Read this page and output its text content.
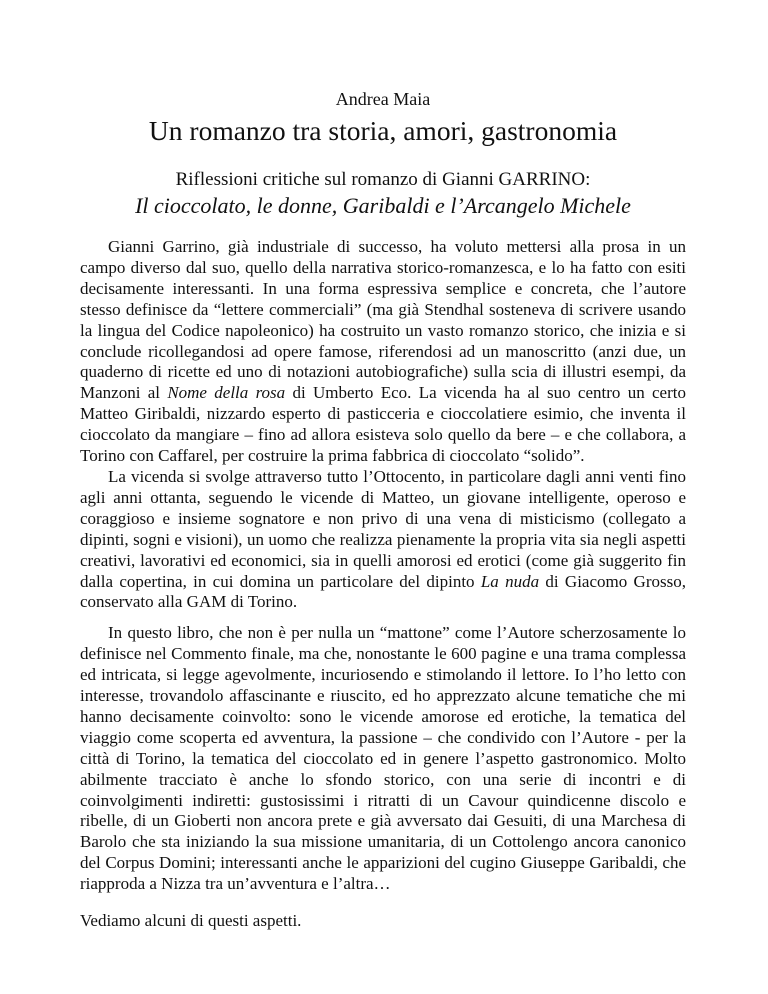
Andrea Maia
Un romanzo tra storia, amori, gastronomia
Riflessioni critiche sul romanzo di Gianni GARRINO:
Il cioccolato, le donne, Garibaldi e l’Arcangelo Michele

Gianni Garrino, già industriale di successo, ha voluto mettersi alla prosa in un campo diverso dal suo, quello della narrativa storico-romanzesca, e lo ha fatto con esiti decisamente interessanti. In una forma espressiva semplice e concreta, che l’autore stesso definisce da “lettere commerciali” (ma già Stendhal sosteneva di scrivere usando la lingua del Codice napoleonico) ha costruito un vasto romanzo storico, che inizia e si conclude ricollegandosi ad opere famose, riferendosi ad un manoscritto (anzi due, un quaderno di ricette ed uno di notazioni autobiografiche) sulla scia di illustri esempi, da Manzoni al Nome della rosa di Umberto Eco. La vicenda ha al suo centro un certo Matteo Giribaldi, nizzardo esperto di pasticceria e cioccolatiere esimio, che inventa il cioccolato da mangiare – fino ad allora esisteva solo quello da bere – e che collabora, a Torino con Caffarel, per costruire la prima fabbrica di cioccolato “solido”.

La vicenda si svolge attraverso tutto l’Ottocento, in particolare dagli anni venti fino agli anni ottanta, seguendo le vicende di Matteo, un giovane intelligente, operoso e coraggioso e insieme sognatore e non privo di una vena di misticismo (collegato a dipinti, sogni e visioni), un uomo che realizza pienamente la propria vita sia negli aspetti creativi, lavorativi ed economici, sia in quelli amorosi ed erotici (come già suggerito fin dalla copertina, in cui domina un particolare del dipinto La nuda di Giacomo Grosso, conservato alla GAM di Torino.

In questo libro, che non è per nulla un “mattone” come l’Autore scherzosamente lo definisce nel Commento finale, ma che, nonostante le 600 pagine e una trama complessa ed intricata, si legge agevolmente, incuriosendo e stimolando il lettore. Io l’ho letto con interesse, trovandolo affascinante e riuscito, ed ho apprezzato alcune tematiche che mi hanno decisamente coinvolto: sono le vicende amorose ed erotiche, la tematica del viaggio come scoperta ed avventura, la passione – che condivido con l’Autore - per la città di Torino, la tematica del cioccolato ed in genere l’aspetto gastronomico. Molto abilmente tracciato è anche lo sfondo storico, con una serie di incontri e di coinvolgimenti indiretti: gustosissimi i ritratti di un Cavour quindicenne discolo e ribelle, di un Gioberti non ancora prete e già avversato dai Gesuiti, di una Marchesa di Barolo che sta iniziando la sua missione umanitaria, di un Cottolengo ancora canonico del Corpus Domini; interessanti anche le apparizioni del cugino Giuseppe Garibaldi, che riapproda a Nizza tra un’avventura e l’altra…

Vediamo alcuni di questi aspetti.
